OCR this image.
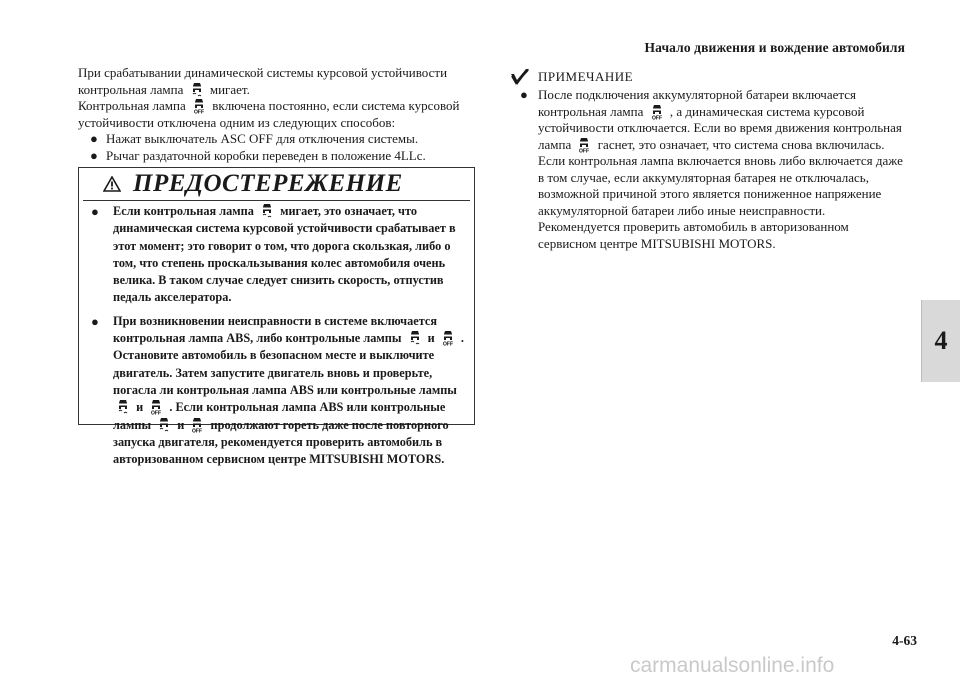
Начало движения и вождение автомобиля
4
4-63
carmanualsonline.info

При срабатывании динамической системы курсовой устойчивости контрольная лампа мигает.

Контрольная лампа OFF включена постоянно, если система курсовой устойчивости отключена одним из следующих способов:

● Нажат выключатель ASC OFF для отключения системы.
● Рычаг раздаточной коробки переведен в положение 4LLc.
ПРЕДОСТЕРЕЖЕНИЕ
● Если контрольная лампа мигает, это означает, что динамическая система курсовой устойчивости срабатывает в этот момент; это говорит о том, что дорога скользкая, либо о том, что степень проскальзывания колес автомобиля очень велика. В таком случае следует снизить скорость, отпустив педаль акселератора.
● При возникновении неисправности в системе включается контрольная лампа ABS, либо контрольные лампы и OFF . Остановите автомобиль в безопасном месте и выключите двигатель. Затем запустите двигатель вновь и проверьте, погасла ли контрольная лампа ABS или контрольные лампы  и OFF . Если контрольная лампа ABS или контрольные лампы и OFF продолжают гореть даже после повторного запуска двигателя, рекомендуется проверить автомобиль в авторизованном сервисном центре MITSUBISHI MOTORS.
ПРИМЕЧАНИЕ
● После подключения аккумуляторной батареи включается контрольная лампа OFF , а динамическая система курсовой устойчивости отключается. Если во время движения контрольная лампа OFF гаснет, это означает, что система снова включилась.

Если контрольная лампа включается вновь либо включается даже в том случае, если аккумуляторная батарея не отключалась, возможной причиной этого является пониженное напряжение аккумуляторной батареи либо иные неисправности.

Рекомендуется проверить автомобиль в авторизованном сервисном центре MITSUBISHI MOTORS.
